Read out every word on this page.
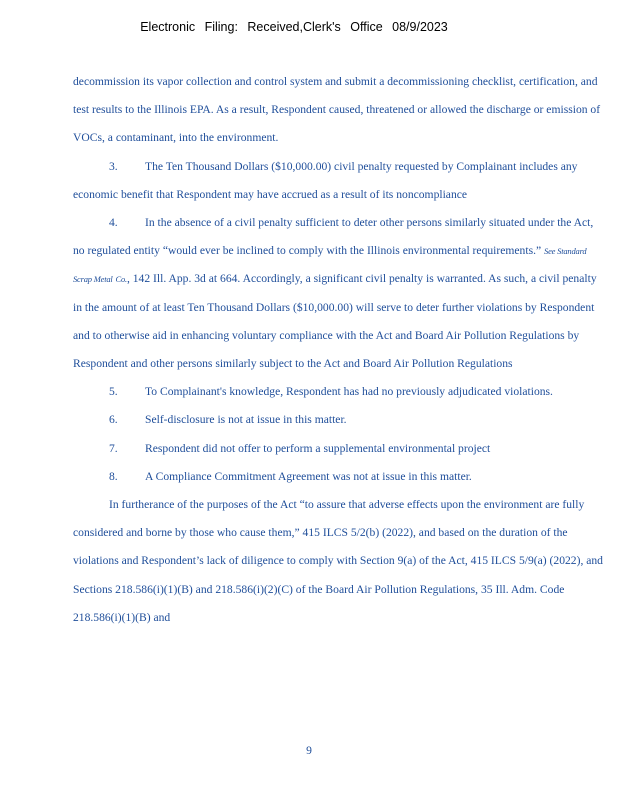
Electronic Filing: Received,Clerk's Office 08/9/2023

decommission its vapor collection and control system and submit a decommissioning checklist, certification, and test results to the Illinois EPA. As a result, Respondent caused, threatened or allowed the discharge or emission of VOCs, a contaminant, into the environment.

3. The Ten Thousand Dollars ($10,000.00) civil penalty requested by Complainant includes any economic benefit that Respondent may have accrued as a result of its noncompliance

4. In the absence of a civil penalty sufficient to deter other persons similarly situated under the Act, no regulated entity “would ever be inclined to comply with the Illinois environmental requirements.” See Standard Scrap Metal Co., 142 Ill. App. 3d at 664. Accordingly, a significant civil penalty is warranted. As such, a civil penalty in the amount of at least Ten Thousand Dollars ($10,000.00) will serve to deter further violations by Respondent and to otherwise aid in enhancing voluntary compliance with the Act and Board Air Pollution Regulations by Respondent and other persons similarly subject to the Act and Board Air Pollution Regulations

5. To Complainant's knowledge, Respondent has had no previously adjudicated violations.

6. Self-disclosure is not at issue in this matter.

7. Respondent did not offer to perform a supplemental environmental project

8. A Compliance Commitment Agreement was not at issue in this matter.

In furtherance of the purposes of the Act “to assure that adverse effects upon the environment are fully considered and borne by those who cause them,” 415 ILCS 5/2(b) (2022), and based on the duration of the violations and Respondent’s lack of diligence to comply with Section 9(a) of the Act, 415 ILCS 5/9(a) (2022), and Sections 218.586(i)(1)(B) and 218.586(i)(2)(C) of the Board Air Pollution Regulations, 35 Ill. Adm. Code 218.586(i)(1)(B) and

9
